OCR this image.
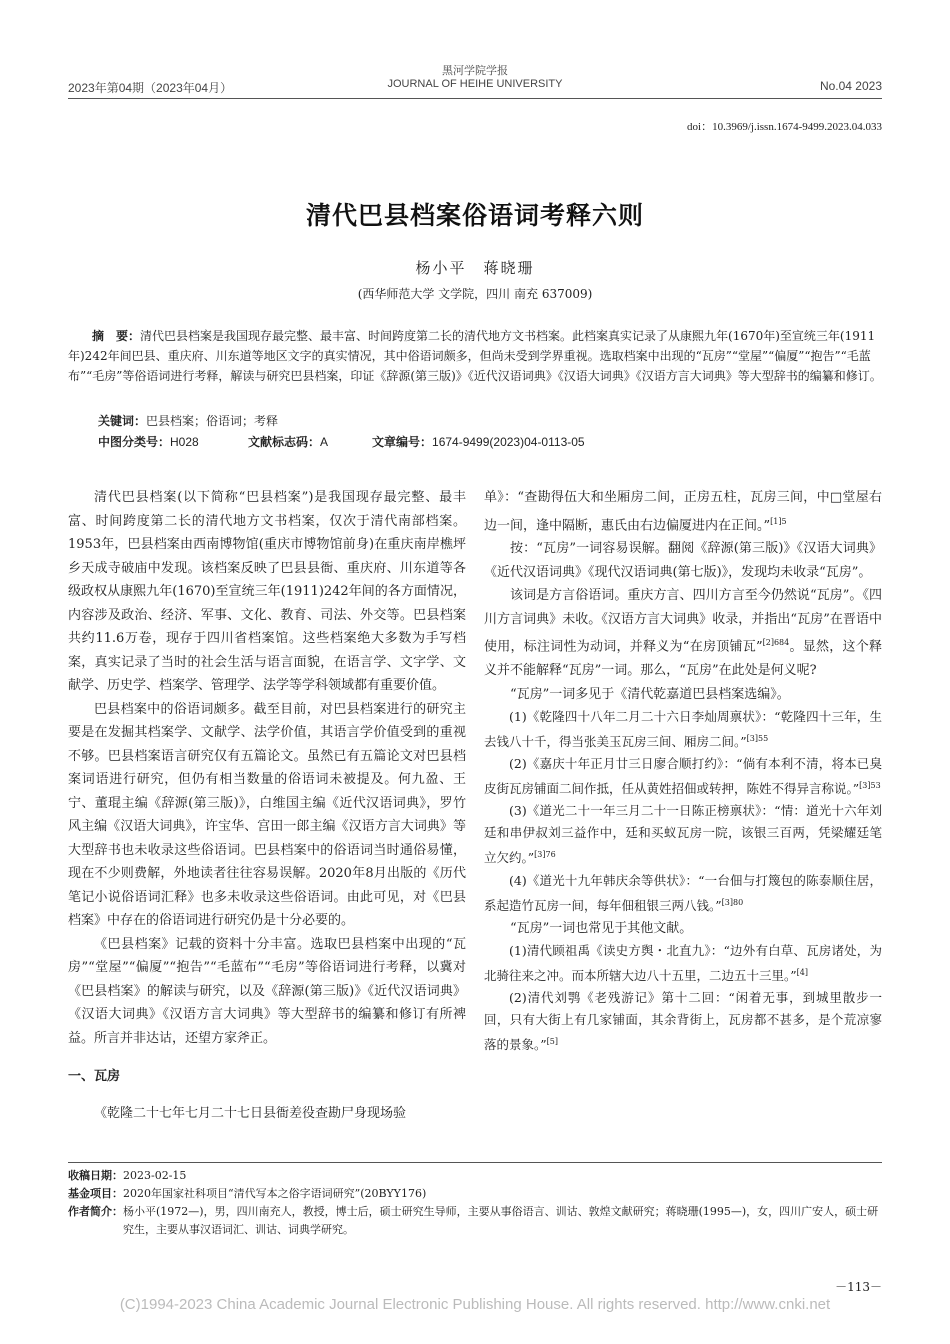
2023年第04期（2023年04月）
黑河学院学报
JOURNAL OF HEIHE UNIVERSITY	No.04 2023
doi：10.3969/j.issn.1674-9499.2023.04.033
清代巴县档案俗语词考释六则
杨小平　蒋晓珊
(西华师范大学 文学院，四川 南充 637009)
摘　要：清代巴县档案是我国现存最完整、最丰富、时间跨度第二长的清代地方文书档案。此档案真实记录了从康熙九年(1670年)至宣统三年(1911年)242年间巴县、重庆府、川东道等地区文字的真实情况，其中俗语词颇多，但尚未受到学界重视。选取档案中出现的“瓦房”“堂屋”“偏厦”“抱告”“毛蓝布”“毛房”等俗语词进行考释，解读与研究巴县档案，印证《辞源(第三版)》《近代汉语词典》《汉语大词典》《汉语方言大词典》等大型辞书的编纂和修订。
关键词：巴县档案；俗语词；考释
中图分类号：H028	文献标志码：A	文章编号：1674-9499(2023)04-0113-05

清代巴县档案(以下简称“巴县档案”)是我国现存最完整、最丰富、时间跨度第二长的清代地方文书档案，仅次于清代南部档案。1953年，巴县档案由西南博物馆(重庆市博物馆前身)在重庆南岸樵坪乡天成寺破庙中发现。该档案反映了巴县县衙、重庆府、川东道等各级政权从康熙九年(1670)至宣统三年(1911)242年间的各方面情况，内容涉及政治、经济、军事、文化、教育、司法、外交等。巴县档案共约11.6万卷，现存于四川省档案馆。这些档案绝大多数为手写档案，真实记录了当时的社会生活与语言面貌，在语言学、文字学、文献学、历史学、档案学、管理学、法学等学科领域都有重要价值。

巴县档案中的俗语词颇多。截至目前，对巴县档案进行的研究主要是在发掘其档案学、文献学、法学价值，其语言学价值受到的重视不够。巴县档案语言研究仅有五篇论文。虽然已有五篇论文对巴县档案词语进行研究，但仍有相当数量的俗语词未被提及。何九盈、王宁、董琨主编《辞源(第三版)》，白维国主编《近代汉语词典》，罗竹风主编《汉语大词典》，许宝华、宫田一郎主编《汉语方言大词典》等大型辞书也未收录这些俗语词。巴县档案中的俗语词当时通俗易懂，现在不少则费解，外地读者往往容易误解。2020年8月出版的《历代笔记小说俗语词汇释》也多未收录这些俗语词。由此可见，对《巴县档案》中存在的俗语词进行研究仍是十分必要的。

《巴县档案》记载的资料十分丰富。选取巴县档案中出现的“瓦房”“堂屋”“偏厦”“抱告”“毛蓝布”“毛房”等俗语词进行考释，以冀对《巴县档案》的解读与研究，以及《辞源(第三版)》《近代汉语词典》《汉语大词典》《汉语方言大词典》等大型辞书的编纂和修订有所裨益。所言并非达诂，还望方家斧正。

一、瓦房

《乾隆二十七年七月二十七日县衙差役查勘尸身现场验

单》：“查勘得伍大和坐厢房二间，正房五柱，瓦房三间，中□堂屋右边一间，逢中隔断，惠氏由右边偏厦进内在正间。”$^{[1]5}$

按：“瓦房”一词容易误解。翻阅《辞源(第三版)》《汉语大词典》《近代汉语词典》《现代汉语词典(第七版)》，发现均未收录“瓦房”。

该词是方言俗语词。重庆方言、四川方言至今仍然说“瓦房”。《四川方言词典》未收。《汉语方言大词典》收录，并指出“瓦房”在晋语中使用，标注词性为动词，并释义为“在房顶铺瓦”$^{[2]684}$。显然，这个释义并不能解释“瓦房”一词。那么，“瓦房”在此处是何义呢?

“瓦房”一词多见于《清代乾嘉道巴县档案选编》。

(1)《乾隆四十八年二月二十六日李灿周禀状》：“乾隆四十三年，生去钱八十千，得当张美玉瓦房三间、厢房二间。”$^{[3]55}$

(2)《嘉庆十年正月廿三日廖合顺打约》：“倘有本利不清，将本已臭皮街瓦房铺面二间作抵，任从黄姓招佃或转押，陈姓不得异言称说。”$^{[3]53}$

(3)《道光二十一年三月二十一日陈正榜禀状》：“情：道光十六年刘廷和串伊叔刘三益作中，廷和买蚁瓦房一院，该银三百两，凭梁耀廷笔立欠约。”$^{[3]76}$

(4)《道光十九年韩庆余等供状》：“一台佃与打篾包的陈泰顺住居，系起造竹瓦房一间，每年佃租银三两八钱。”$^{[3]80}$

“瓦房”一词也常见于其他文献。

(1)清代顾祖禹《读史方舆・北直九》：“边外有白草、瓦房诸处，为北骑往来之冲。而本所辖大边八十五里，二边五十三里。”[4]

(2)清代刘鹗《老残游记》第十二回：“闲着无事，到城里散步一回，只有大街上有几家铺面，其余背街上，瓦房都不甚多，是个荒凉寥落的景象。”[5]

收稿日期：2023-02-15
基金项目：2020年国家社科项目“清代写本之俗字语词研究”(20BYY176)
作者简介：杨小平(1972—)，男，四川南充人，教授，博士后，硕士研究生导师，主要从事俗语言、训诂、敦煌文献研究；蒋晓珊(1995—)，女，四川广安人，硕士研究生，主要从事汉语词汇、训诂、词典学研究。
－113－
(C)1994-2023 China Academic Journal Electronic Publishing House. All rights reserved. http://www.cnki.net
